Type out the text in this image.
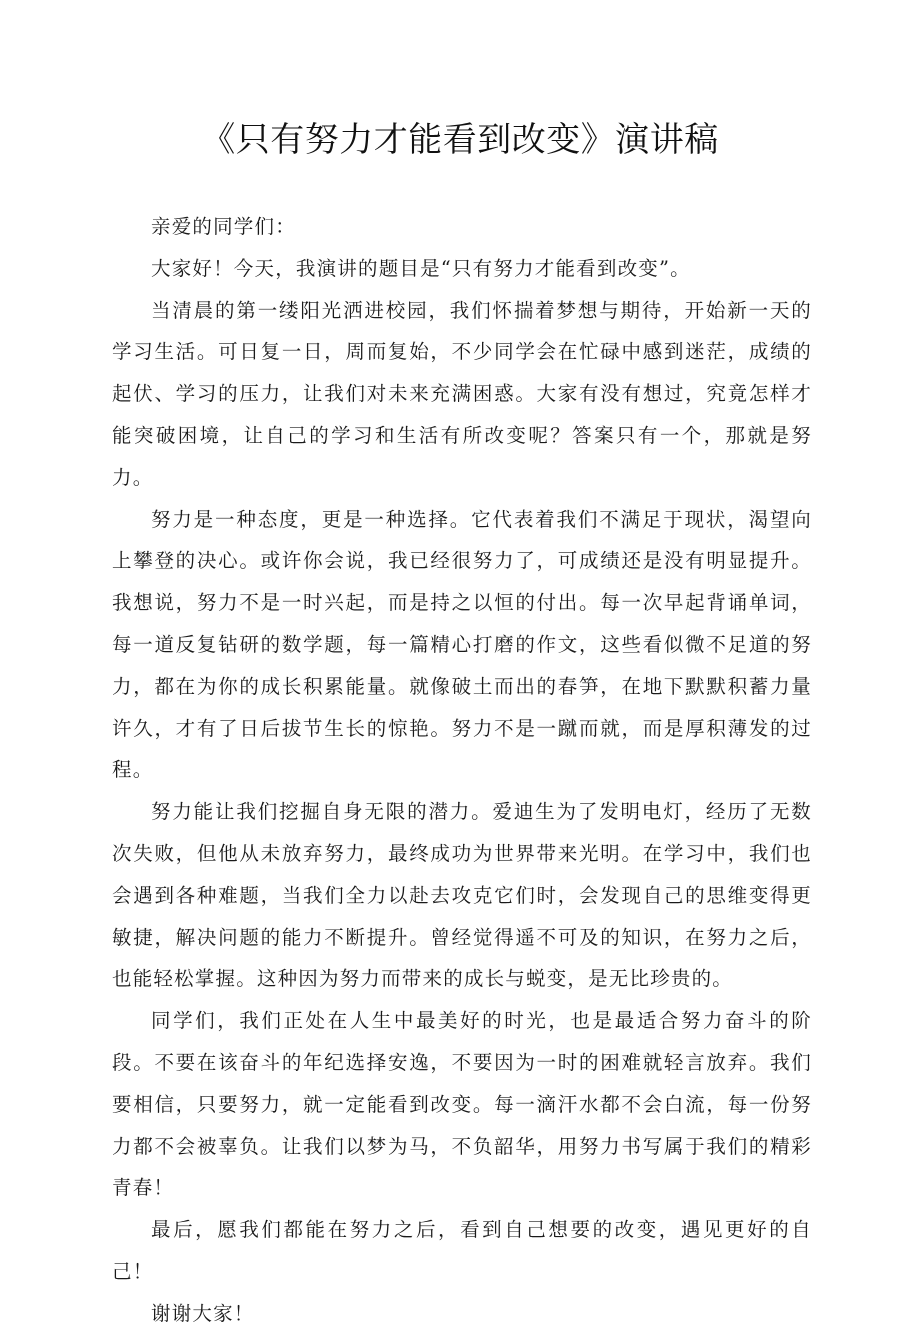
《只有努力才能看到改变》演讲稿

亲爱的同学们：

大家好！今天，我演讲的题目是“只有努力才能看到改变”。

当清晨的第一缕阳光洒进校园，我们怀揣着梦想与期待，开始新一天的学习生活。可日复一日，周而复始，不少同学会在忙碌中感到迷茫，成绩的起伏、学习的压力，让我们对未来充满困惑。大家有没有想过，究竟怎样才能突破困境，让自己的学习和生活有所改变呢？答案只有一个，那就是努力。

努力是一种态度，更是一种选择。它代表着我们不满足于现状，渴望向上攀登的决心。或许你会说，我已经很努力了，可成绩还是没有明显提升。我想说，努力不是一时兴起，而是持之以恒的付出。每一次早起背诵单词，每一道反复钻研的数学题，每一篇精心打磨的作文，这些看似微不足道的努力，都在为你的成长积累能量。就像破土而出的春笋，在地下默默积蓄力量许久，才有了日后拔节生长的惊艳。努力不是一蹴而就，而是厚积薄发的过程。

努力能让我们挖掘自身无限的潜力。爱迪生为了发明电灯，经历了无数次失败，但他从未放弃努力，最终成功为世界带来光明。在学习中，我们也会遇到各种难题，当我们全力以赴去攻克它们时，会发现自己的思维变得更敏捷，解决问题的能力不断提升。曾经觉得遥不可及的知识，在努力之后，也能轻松掌握。这种因为努力而带来的成长与蜕变，是无比珍贵的。

同学们，我们正处在人生中最美好的时光，也是最适合努力奋斗的阶段。不要在该奋斗的年纪选择安逸，不要因为一时的困难就轻言放弃。我们要相信，只要努力，就一定能看到改变。每一滴汗水都不会白流，每一份努力都不会被辜负。让我们以梦为马，不负韶华，用努力书写属于我们的精彩青春！

最后，愿我们都能在努力之后，看到自己想要的改变，遇见更好的自己！

谢谢大家！
